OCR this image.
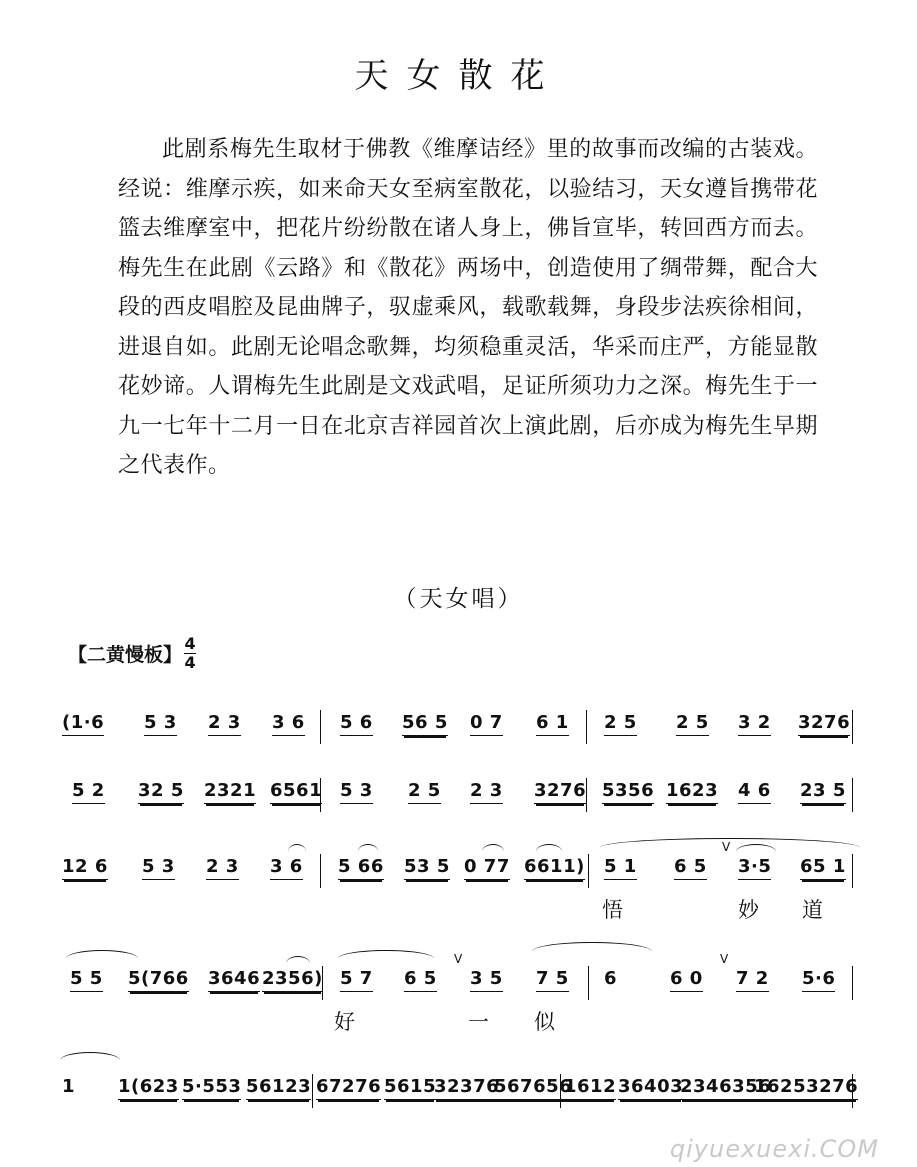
天女散花
此剧系梅先生取材于佛教《维摩诘经》里的故事而改编的古装戏。经说：维摩示疾，如来命天女至病室散花，以验结习，天女遵旨携带花篮去维摩室中，把花片纷纷散在诸人身上，佛旨宣毕，转回西方而去。梅先生在此剧《云路》和《散花》两场中，创造使用了绸带舞，配合大段的西皮唱腔及昆曲牌子，驭虚乘风，载歌载舞，身段步法疾徐相间，进退自如。此剧无论唱念歌舞，均须稳重灵活，华采而庄严，方能显散花妙谛。人谓梅先生此剧是文戏武唱，足证所须功力之深。梅先生于一九一七年十二月一日在北京吉祥园首次上演此剧，后亦成为梅先生早期之代表作。
（天女唱）
【二黄慢板】
4
4
(1·6 5 3 2 3 3 6 5 6 56 5 0 7 6 1 2 5 2 5 3 2 3276
5 2 32 5 2321 6561 5 3 2 5 2 3 3276 5356 1623 4 6 23 5
12 6 5 3 2 3 3 6 5 66 53 5 0 77 6611) 5 1 6 5
V
3·5 65 1
悟	妙 道
5 5 5(766 3646 2356) 5 7 6 5
V
3 5 7 5 6	6 0
V
7 2 5·6
好	一 似
1 1(623 5·553 56123 67276 5615
32376
567656
1612 36403
2346356
16253276
qiyuexuexi.COM
